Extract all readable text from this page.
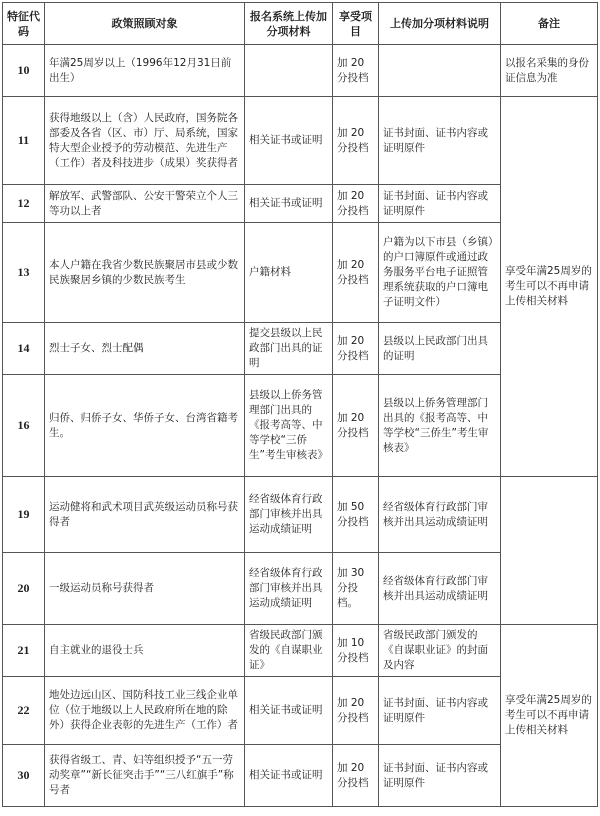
特征代码	政策照顾对象	报名系统上传加分项材料	享受项目	上传加分项材料说明	备注
10	年满25周岁以上（1996年12月31日前出生）		加 20分投档		以报名采集的身份证信息为准
11	获得地级以上（含）人民政府，国务院各部委及各省（区、市）厅、局系统，国家特大型企业授予的劳动模范、先进生产（工作）者及科技进步（成果）奖获得者	相关证书或证明	加 20分投档	证书封面、证书内容或证明原件	享受年满25周岁的考生可以不再申请上传相关材料
12	解放军、武警部队、公安干警荣立个人三等功以上者	相关证书或证明	加 20分投档	证书封面、证书内容或证明原件	
13	本人户籍在我省少数民族聚居市县或少数民族聚居乡镇的少数民族考生	户籍材料	加 20分投档	户籍为以下市县（乡镇）的户口簿原件或通过政务服务平台电子证照管理系统获取的户口簿电子证明文件）	
14	烈士子女、烈士配偶	提交县级以上民政部门出具的证明	加 20分投档	县级以上民政部门出具的证明	
16	归侨、归侨子女、华侨子女、台湾省籍考生。	县级以上侨务管理部门出具的《报考高等、中等学校“三侨生”考生审核表》	加 20分投档	县级以上侨务管理部门出具的《报考高等、中等学校“三侨生”考生审核表》	
19	运动健将和武术项目武英级运动员称号获得者	经省级体育行政部门审核并出具运动成绩证明	加 50分投档	经省级体育行政部门审核并出具运动成绩证明	
20	一级运动员称号获得者	经省级体育行政部门审核并出具运动成绩证明	加 30分投档。	经省级体育行政部门审核并出具运动成绩证明	
21	自主就业的退役士兵	省级民政部门颁发的《自谋职业证》	加 10分投档	省级民政部门颁发的《自谋职业证》的封面及内容	享受年满25周岁的考生可以不再申请上传相关材料
22	地处边远山区、国防科技工业三线企业单位（位于地级以上人民政府所在地的除外）获得企业表彰的先进生产（工作）者	相关证书或证明	加 20分投档	证书封面、证书内容或证明原件	
30	获得省级工、青、妇等组织授予“五一劳动奖章”“新长征突击手”“三八红旗手”称号者	相关证书或证明	加 20分投档	证书封面、证书内容或证明原件	
